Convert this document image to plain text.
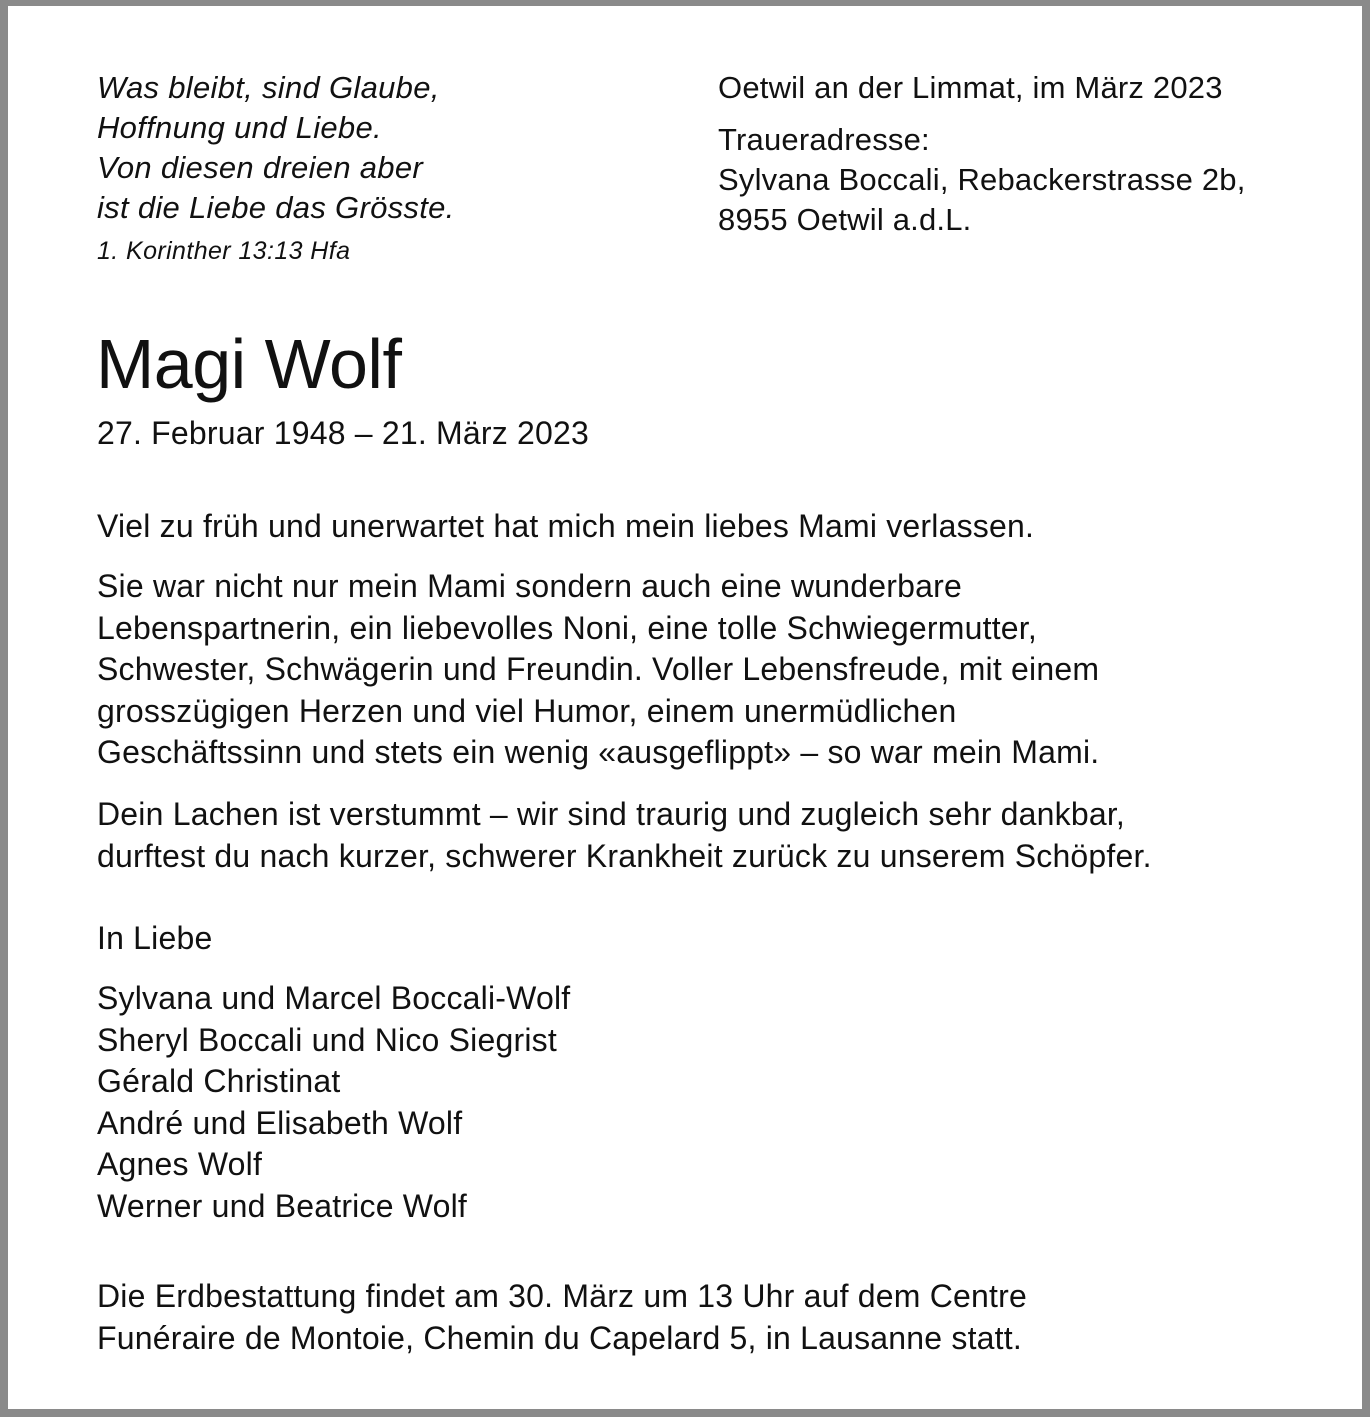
Was bleibt, sind Glaube,
Hoffnung und Liebe.
Von diesen dreien aber
ist die Liebe das Grösste.
1. Korinther 13:13 Hfa
Oetwil an der Limmat, im März 2023
Traueradresse:
Sylvana Boccali, Rebackerstrasse 2b,
8955 Oetwil a.d.L.
Magi Wolf
27. Februar 1948 – 21. März 2023
Viel zu früh und unerwartet hat mich mein liebes Mami verlassen.
Sie war nicht nur mein Mami sondern auch eine wunderbare
Lebenspartnerin, ein liebevolles Noni, eine tolle Schwiegermutter,
Schwester, Schwägerin und Freundin. Voller Lebensfreude, mit einem
grosszügigen Herzen und viel Humor, einem unermüdlichen
Geschäftssinn und stets ein wenig «ausgeflippt» – so war mein Mami.
Dein Lachen ist verstummt – wir sind traurig und zugleich sehr dankbar,
durftest du nach kurzer, schwerer Krankheit zurück zu unserem Schöpfer.
In Liebe
Sylvana und Marcel Boccali-Wolf
Sheryl Boccali und Nico Siegrist
Gérald Christinat
André und Elisabeth Wolf
Agnes Wolf
Werner und Beatrice Wolf
Die Erdbestattung findet am 30. März um 13 Uhr auf dem Centre
Funéraire de Montoie, Chemin du Capelard 5, in Lausanne statt.
